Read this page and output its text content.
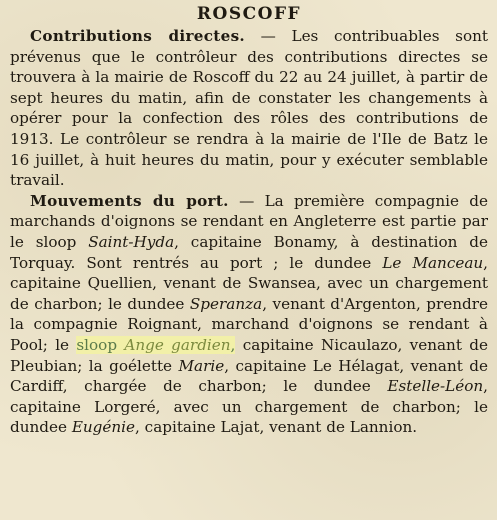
ROSCOFF

Contributions directes. — Les contribuables sont prévenus que le contrôleur des contributions directes se trouvera à la mairie de Roscoff du 22 au 24 juillet, à partir de sept heures du matin, afin de constater les changements à opérer pour la confection des rôles des contributions de 1913. Le contrôleur se rendra à la mairie de l'Ile de Batz le 16 juillet, à huit heures du matin, pour y exécuter semblable travail.

Mouvements du port. — La première compagnie de marchands d'oignons se rendant en Angleterre est partie par le sloop Saint-Hyda, capitaine Bonamy, à destination de Torquay. Sont rentrés au port ; le dundee Le Manceau, capitaine Quellien, venant de Swansea, avec un chargement de charbon; le dundee Speranza, venant d'Argenton, prendre la compagnie Roignant, marchand d'oignons se rendant à Pool; le sloop Ange gardien, capitaine Nicaulazo, venant de Pleubian; la goélette Marie, capitaine Le Hélagat, venant de Cardiff, chargée de charbon; le dundee Estelle-Léon, capitaine Lorgeré, avec un chargement de charbon; le dundee Eugénie, capitaine Lajat, venant de Lannion.
